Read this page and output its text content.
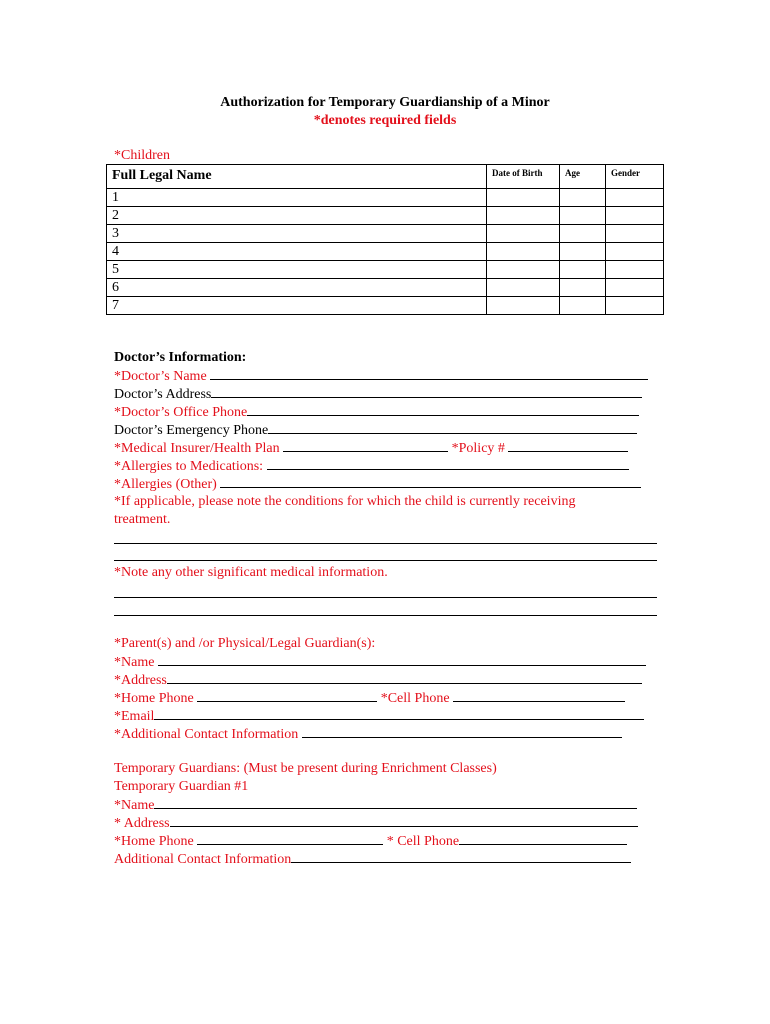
Authorization for Temporary Guardianship of a Minor
*denotes required fields
*Children
Full Legal Name	Date of Birth	Age	Gender
1			
2			
3			
4			
5			
6			
7			
Doctor’s Information:
*Doctor’s Name
Doctor’s Address
*Doctor’s Office Phone
Doctor’s Emergency Phone
*Medical Insurer/Health Plan	*Policy #
*Allergies to Medications:
*Allergies (Other)
*If applicable, please note the conditions for which the child is currently receiving
treatment.
*Note any other significant medical information.
*Parent(s) and /or Physical/Legal Guardian(s):
*Name
*Address
*Home Phone	*Cell Phone
*Email
*Additional Contact Information
Temporary Guardians: (Must be present during Enrichment Classes)
Temporary Guardian #1
*Name
* Address
*Home Phone	* Cell Phone
Additional Contact Information
